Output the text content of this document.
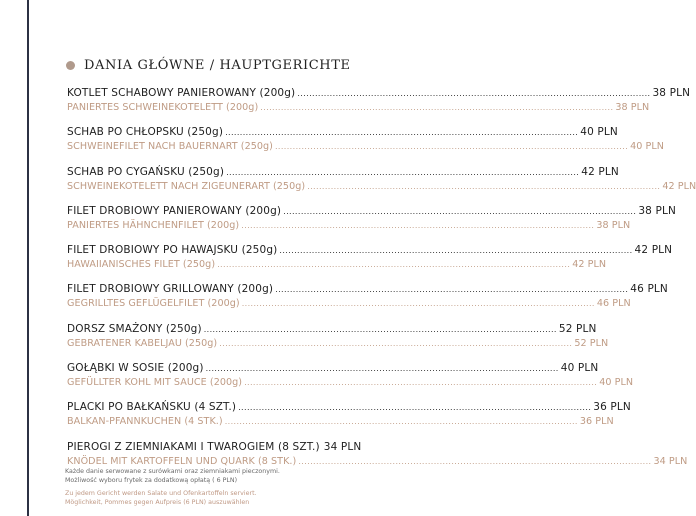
DANIA GŁÓWNE / HAUPTGERICHTE
KOTLET SCHABOWY PANIEROWANY (200g) .....	38 PLN
PANIERTES SCHWEINEKOTELETT (200g) .....	38 PLN
SCHAB PO CHŁOPSKU (250g) .....	40 PLN
SCHWEINEFILET NACH BAUERNART (250g) .....	40 PLN
SCHAB PO CYGAŃSKU (250g) .....	42 PLN
SCHWEINEKOTELETT NACH ZIGEUNERART (250g) .....	42 PLN
FILET DROBIOWY PANIEROWANY (200g) .....	38 PLN
PANIERTES HÄHNCHENFILET (200g) .....	38 PLN
FILET DROBIOWY PO HAWAJSKU (250g) .....	42 PLN
HAWAIIANISCHES FILET (250g) .....	42 PLN
FILET DROBIOWY GRILLOWANY (200g) .....	46 PLN
GEGRILLTES GEFLÜGELFILET (200g) .....	46 PLN
DORSZ SMAŻONY (250g) .....	52 PLN
GEBRATENER KABELJAU (250g) .....	52 PLN
GOŁĄBKI W SOSIE (200g) .....	40 PLN
GEFÜLLTER KOHL MIT SAUCE (200g) .....	40 PLN
PLACKI PO BAŁKAŃSKU (4 SZT.) .....	36 PLN
BALKAN-PFANNKUCHEN (4 STK.) .....	36 PLN
PIEROGI Z ZIEMNIAKAMI I TWAROGIEM (8 SZT.) 34 PLN
KNÖDEL MIT KARTOFFELN UND QUARK (8 STK.) .....	34 PLN
Każde danie serwowane z surówkami oraz ziemniakami pieczonymi.
Możliwość wyboru frytek za dodatkową opłatą ( 6 PLN)
Zu jedem Gericht werden Salate und Ofenkartoffeln serviert.
Möglichkeit, Pommes gegen Aufpreis (6 PLN) auszuwählen
